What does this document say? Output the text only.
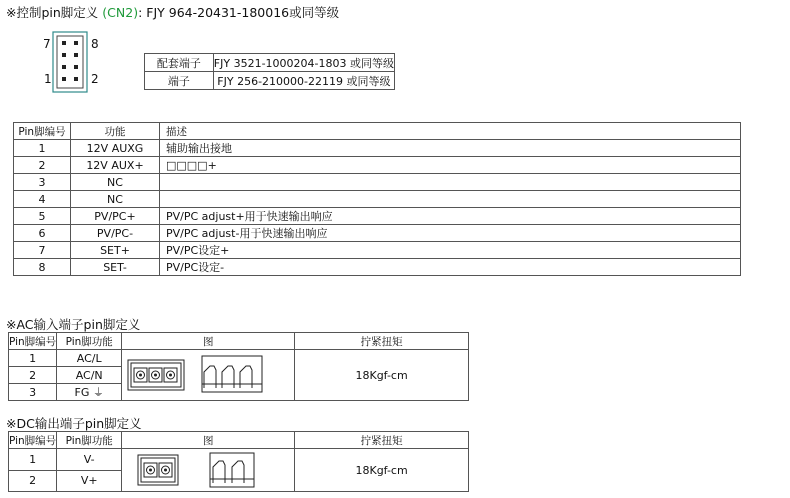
※控制pin脚定义 (CN2): FJY 964-20431-180016或同等级
7	8
1	2
配套端子	FJY 3521-1000204-1803 或同等级
端子	FJY 256-210000-22119 或同等级
Pin脚编号	功能	描述
1	12V AUXG	辅助输出接地
2	12V AUX+	□□□□+
3	NC	
4	NC	
5	PV/PC+	PV/PC adjust+用于快速输出响应
6	PV/PC-	PV/PC adjust-用于快速输出响应
7	SET+	PV/PC设定+
8	SET-	PV/PC设定-
※AC输入端子pin脚定义
Pin脚编号	Pin脚功能	图	拧紧扭矩
1	AC/L		18Kgf-cm
2	AC/N		
3	FG ⏚		
※DC输出端子pin脚定义
Pin脚编号	Pin脚功能	图	拧紧扭矩
1	V-		18Kgf-cm
2	V+		
